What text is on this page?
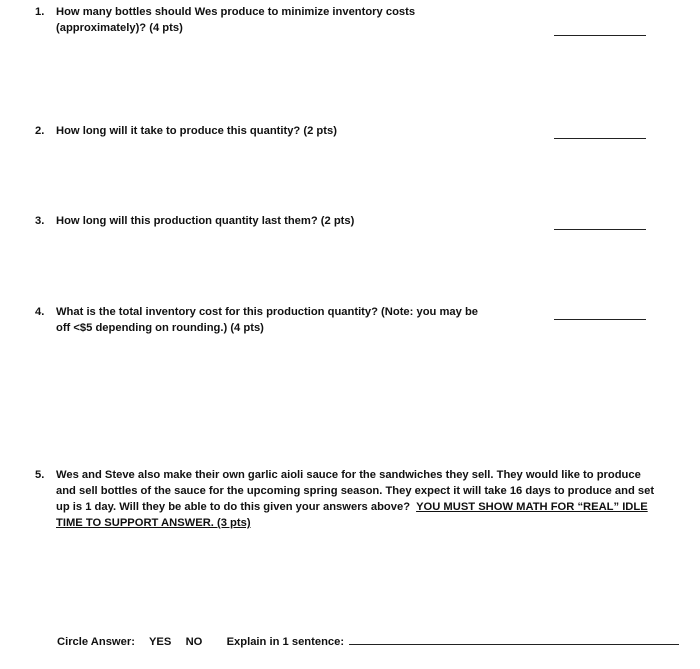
1. How many bottles should Wes produce to minimize inventory costs
(approximately)? (4 pts)
2. How long will it take to produce this quantity? (2 pts)
3. How long will this production quantity last them? (2 pts)
4. What is the total inventory cost for this production quantity? (Note: you may be
off <$5 depending on rounding.) (4 pts)
5. Wes and Steve also make their own garlic aioli sauce for the sandwiches they sell. They would like to produce
and sell bottles of the sauce for the upcoming spring season. They expect it will take 16 days to produce and set
up is 1 day. Will they be able to do this given your answers above? YOU MUST SHOW MATH FOR “REAL” IDLE
TIME TO SUPPORT ANSWER. (3 pts)
Circle Answer: YES NO Explain in 1 sentence:
